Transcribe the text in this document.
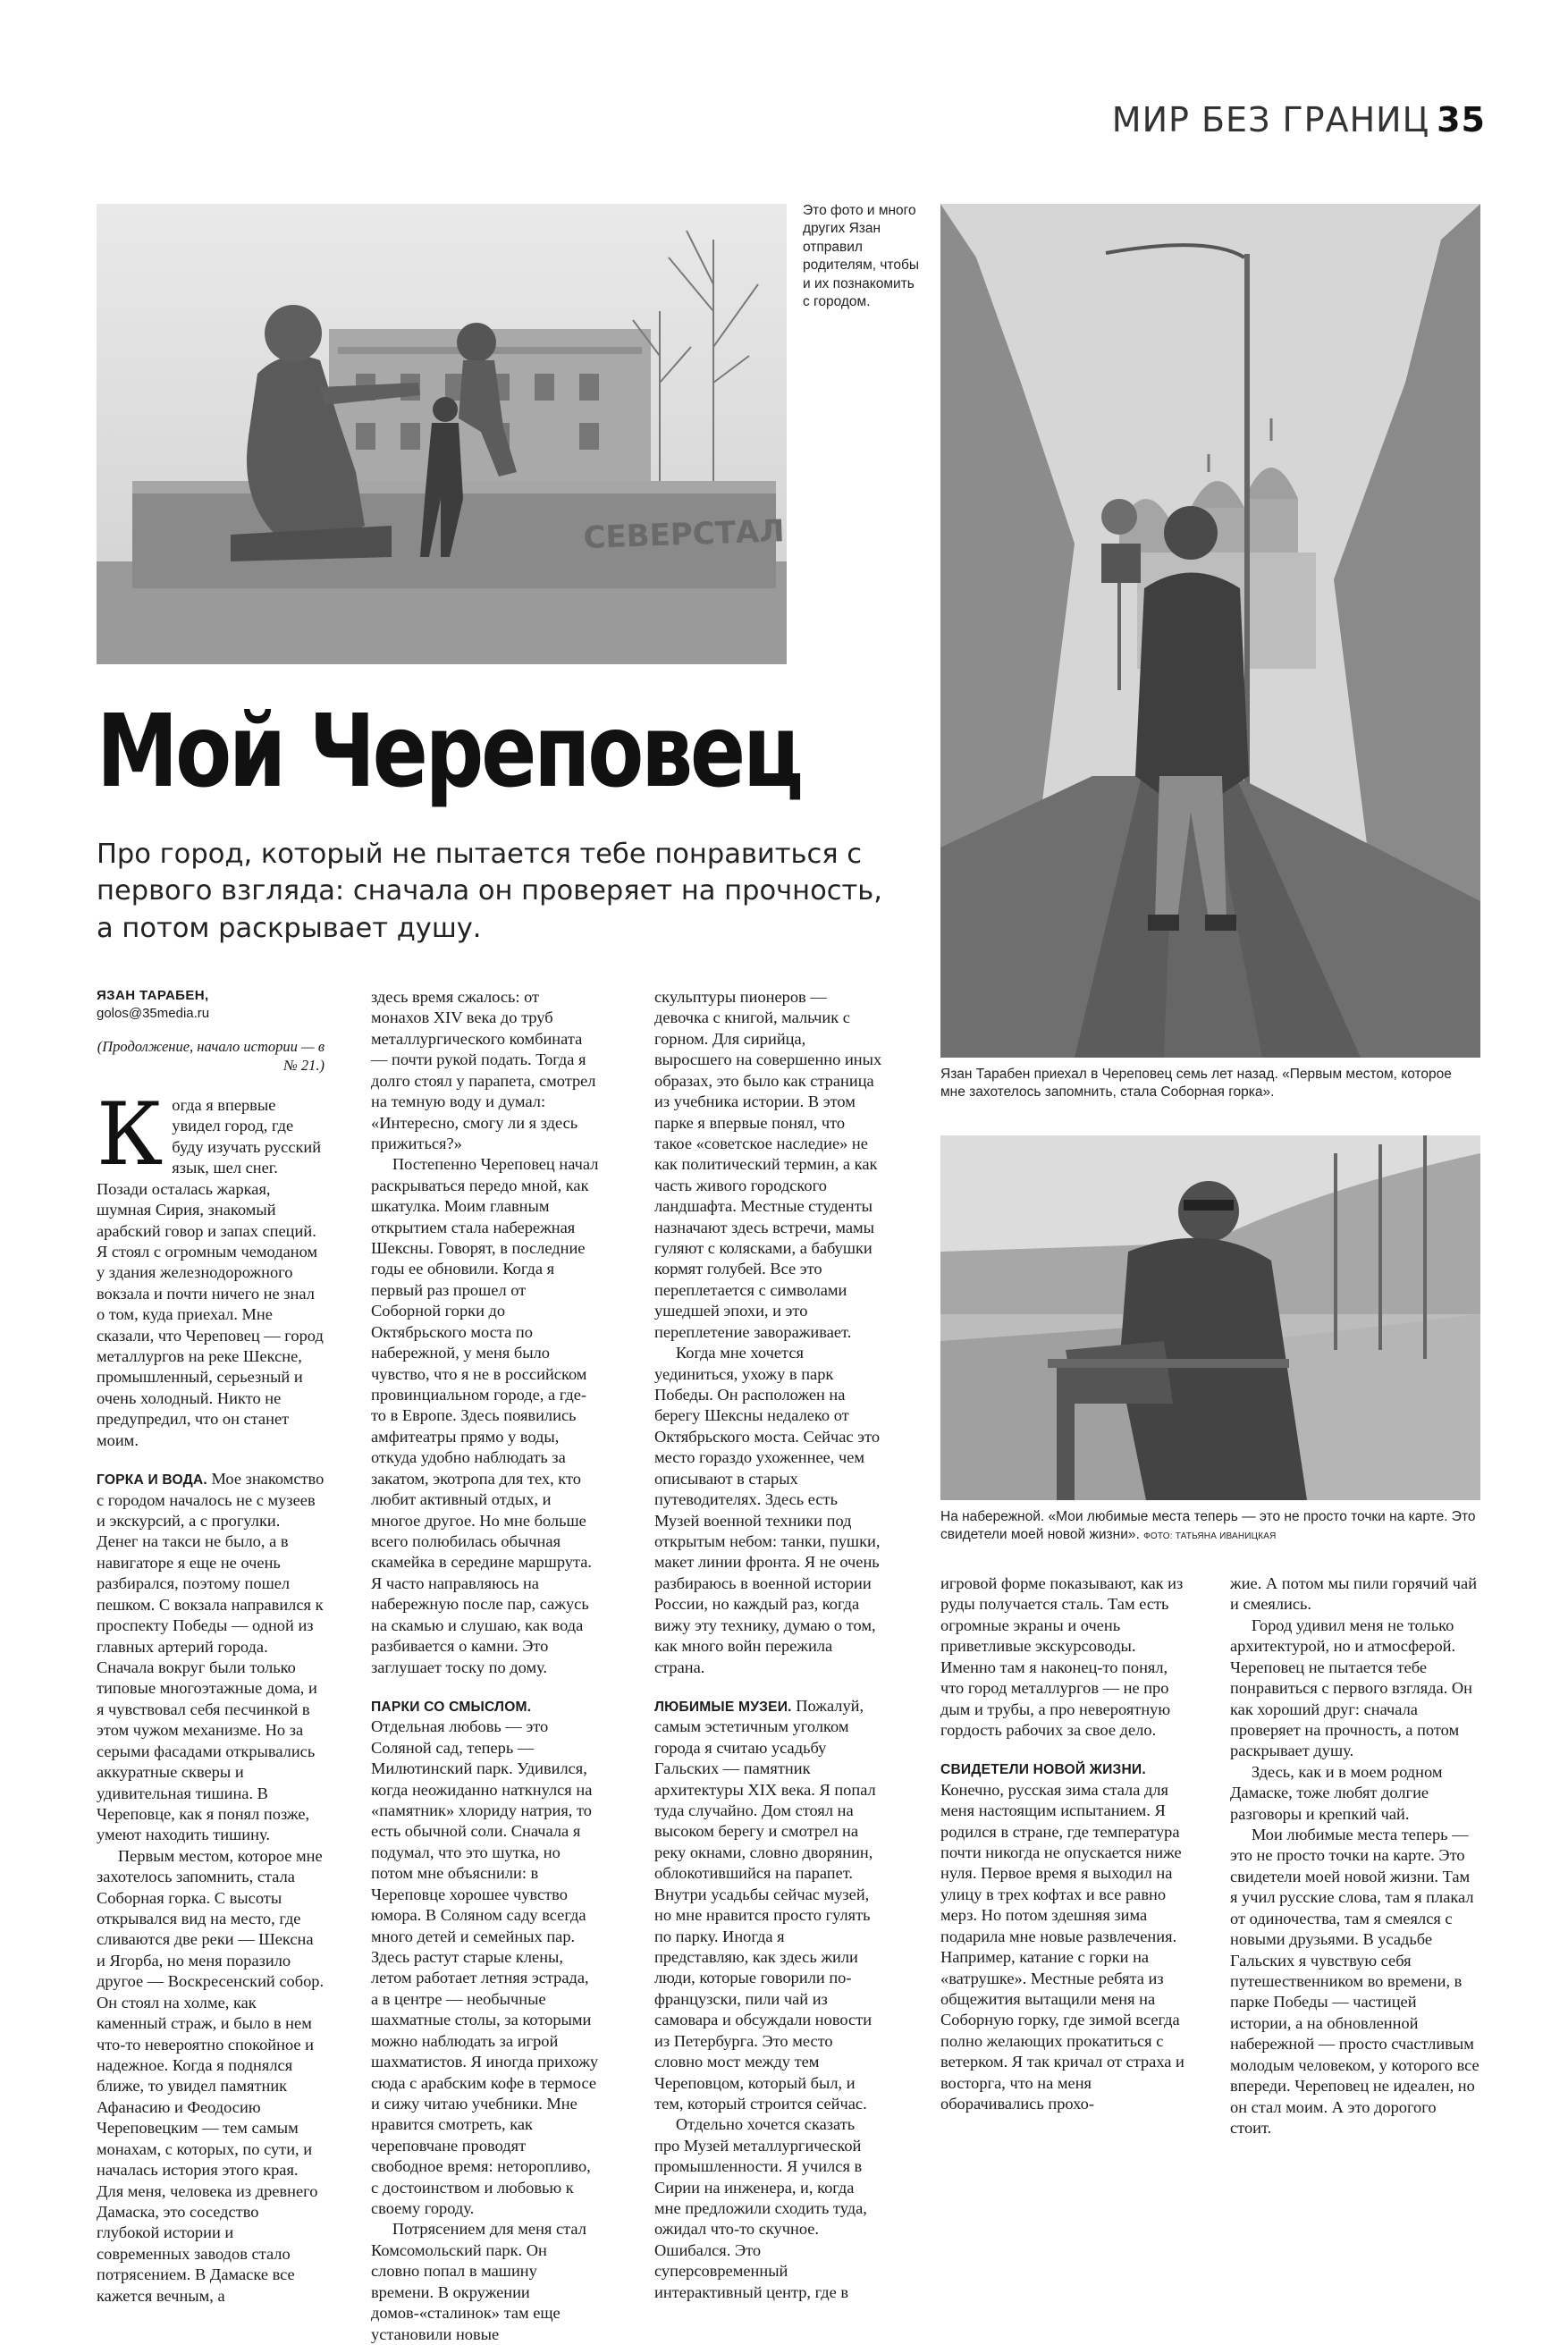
МИР БЕЗ ГРАНИЦ 35
СЕВЕРСТАЛ
Это фото и много других Язан отправил родителям, чтобы и их познакомить с городом.
Язан Тарабен приехал в Череповец семь лет назад. «Первым местом, которое мне захотелось запомнить, стала Соборная горка».
На набережной. «Мои любимые места теперь — это не просто точки на карте. Это свидетели моей новой жизни». ФОТО: ТАТЬЯНА ИВАНИЦКАЯ
Мой Череповец
Про город, который не пытается тебе понравиться с первого взгляда: сначала он проверяет на прочность, а потом раскрывает душу.
ЯЗАН ТАРАБЕН,
golos@35media.ru
(Продолжение, начало истории — в № 21.)
К огда я впервые увидел город, где буду изучать русский язык, шел снег. Позади осталась жаркая, шумная Сирия, знакомый арабский говор и запах специй. Я стоял с огромным чемоданом у здания железнодорожного вокзала и почти ничего не знал о том, куда приехал. Мне сказали, что Череповец — город металлургов на реке Шексне, промышленный, серьезный и очень холодный. Никто не предупредил, что он станет моим.

ГОРКА И ВОДА. Мое знакомство с городом началось не с музеев и экскурсий, а с прогулки. Денег на такси не было, а в навигаторе я еще не очень разбирался, поэтому пошел пешком. С вокзала направился к проспекту Победы — одной из главных артерий города. Сначала вокруг были только типовые многоэтажные дома, и я чувствовал себя песчинкой в этом чужом механизме. Но за серыми фасадами открывались аккуратные скверы и удивительная тишина. В Череповце, как я понял позже, умеют находить тишину.

Первым местом, которое мне захотелось запомнить, стала Соборная горка. С высоты открывался вид на место, где сливаются две реки — Шексна и Ягорба, но меня поразило другое — Воскресенский собор. Он стоял на холме, как каменный страж, и было в нем что-то невероятно спокойное и надежное. Когда я поднялся ближе, то увидел памятник Афанасию и Феодосию Череповецким — тем самым монахам, с которых, по сути, и началась история этого края. Для меня, человека из древнего Дамаска, это соседство глубокой истории и современных заводов стало потрясением. В Дамаске все кажется вечным, а

здесь время сжалось: от монахов XIV века до труб металлургического комбината — почти рукой подать. Тогда я долго стоял у парапета, смотрел на темную воду и думал: «Интересно, смогу ли я здесь прижиться?»

Постепенно Череповец начал раскрываться передо мной, как шкатулка. Моим главным открытием стала набережная Шексны. Говорят, в последние годы ее обновили. Когда я первый раз прошел от Соборной горки до Октябрьского моста по набережной, у меня было чувство, что я не в российском провинциальном городе, а где-то в Европе. Здесь появились амфитеатры прямо у воды, откуда удобно наблюдать за закатом, экотропа для тех, кто любит активный отдых, и многое другое. Но мне больше всего полюбилась обычная скамейка в середине маршрута. Я часто направляюсь на набережную после пар, сажусь на скамью и слушаю, как вода разбивается о камни. Это заглушает тоску по дому.

ПАРКИ СО СМЫСЛОМ. Отдельная любовь — это Соляной сад, теперь — Милютинский парк. Удивился, когда неожиданно наткнулся на «памятник» хлориду натрия, то есть обычной соли. Сначала я подумал, что это шутка, но потом мне объяснили: в Череповце хорошее чувство юмора. В Соляном саду всегда много детей и семейных пар. Здесь растут старые клены, летом работает летняя эстрада, а в центре — необычные шахматные столы, за которыми можно наблюдать за игрой шахматистов. Я иногда прихожу сюда с арабским кофе в термосе и сижу читаю учебники. Мне нравится смотреть, как череповчане проводят свободное время: неторопливо, с достоинством и любовью к своему городу.

Потрясением для меня стал Комсомольский парк. Он словно попал в машину времени. В окружении домов-«сталинок» там еще установили новые

скульптуры пионеров — девочка с книгой, мальчик с горном. Для сирийца, выросшего на совершенно иных образах, это было как страница из учебника истории. В этом парке я впервые понял, что такое «советское наследие» не как политический термин, а как часть живого городского ландшафта. Местные студенты назначают здесь встречи, мамы гуляют с колясками, а бабушки кормят голубей. Все это переплетается с символами ушедшей эпохи, и это переплетение завораживает.

Когда мне хочется уединиться, ухожу в парк Победы. Он расположен на берегу Шексны недалеко от Октябрьского моста. Сейчас это место гораздо ухоженнее, чем описывают в старых путеводителях. Здесь есть Музей военной техники под открытым небом: танки, пушки, макет линии фронта. Я не очень разбираюсь в военной истории России, но каждый раз, когда вижу эту технику, думаю о том, как много войн пережила страна.

ЛЮБИМЫЕ МУЗЕИ. Пожалуй, самым эстетичным уголком города я считаю усадьбу Гальских — памятник архитектуры XIX века. Я попал туда случайно. Дом стоял на высоком берегу и смотрел на реку окнами, словно дворянин, облокотившийся на парапет. Внутри усадьбы сейчас музей, но мне нравится просто гулять по парку. Иногда я представляю, как здесь жили люди, которые говорили по-французски, пили чай из самовара и обсуждали новости из Петербурга. Это место словно мост между тем Череповцом, который был, и тем, который строится сейчас.

Отдельно хочется сказать про Музей металлургической промышленности. Я учился в Сирии на инженера, и, когда мне предложили сходить туда, ожидал что-то скучное. Ошибался. Это суперсовременный интерактивный центр, где в

игровой форме показывают, как из руды получается сталь. Там есть огромные экраны и очень приветливые экскурсоводы. Именно там я наконец-то понял, что город металлургов — не про дым и трубы, а про невероятную гордость рабочих за свое дело.

СВИДЕТЕЛИ НОВОЙ ЖИЗНИ. Конечно, русская зима стала для меня настоящим испытанием. Я родился в стране, где температура почти никогда не опускается ниже нуля. Первое время я выходил на улицу в трех кофтах и все равно мерз. Но потом здешняя зима подарила мне новые развлечения. Например, катание с горки на «ватрушке». Местные ребята из общежития вытащили меня на Соборную горку, где зимой всегда полно желающих прокатиться с ветерком. Я так кричал от страха и восторга, что на меня оборачивались прохо-

жие. А потом мы пили горячий чай и смеялись.

Город удивил меня не только архитектурой, но и атмосферой. Череповец не пытается тебе понравиться с первого взгляда. Он как хороший друг: сначала проверяет на прочность, а потом раскрывает душу.

Здесь, как и в моем родном Дамаске, тоже любят долгие разговоры и крепкий чай.

Мои любимые места теперь — это не просто точки на карте. Это свидетели моей новой жизни. Там я учил русские слова, там я плакал от одиночества, там я смеялся с новыми друзьями. В усадьбе Гальских я чувствую себя путешественником во времени, в парке Победы — частицей истории, а на обновленной набережной — просто счастливым молодым человеком, у которого все впереди. Череповец не идеален, но он стал моим. А это дорогого стоит.
